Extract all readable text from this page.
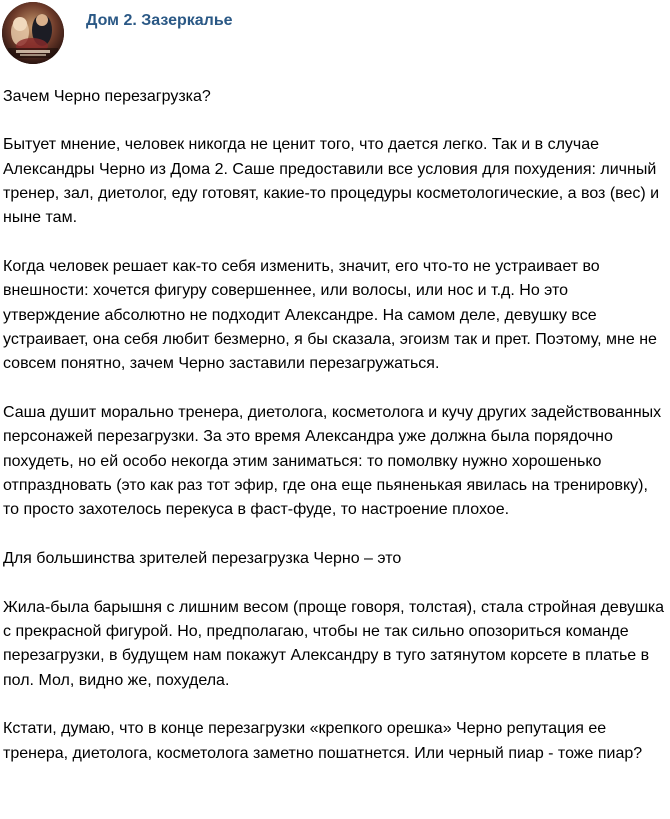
Дом 2. Зазеркалье

Зачем Черно перезагрузка?

Бытует мнение, человек никогда не ценит того, что дается легко. Так и в случае Александры Черно из Дома 2. Саше предоставили все условия для похудения: личный тренер, зал, диетолог, еду готовят, какие-то процедуры косметологические, а воз (вес) и ныне там.

Когда человек решает как-то себя изменить, значит, его что-то не устраивает во внешности: хочется фигуру совершеннее, или волосы, или нос и т.д. Но это утверждение абсолютно не подходит Александре. На самом деле, девушку все устраивает, она себя любит безмерно, я бы сказала, эгоизм так и прет. Поэтому, мне не совсем понятно, зачем Черно заставили перезагружаться.

Саша душит морально тренера, диетолога, косметолога и кучу других задействованных персонажей перезагрузки. За это время Александра уже должна была порядочно похудеть, но ей особо некогда этим заниматься: то помолвку нужно хорошенько отпраздновать (это как раз тот эфир, где она еще пьяненькая явилась на тренировку), то просто захотелось перекуса в фаст-фуде, то настроение плохое.

Для большинства зрителей перезагрузка Черно – это

Жила-была барышня с лишним весом (проще говоря, толстая), стала стройная девушка с прекрасной фигурой. Но, предполагаю, чтобы не так сильно опозориться команде перезагрузки, в будущем нам покажут Александру в туго затянутом корсете в платье в пол. Мол, видно же, похудела.

Кстати, думаю, что в конце перезагрузки «крепкого орешка» Черно репутация ее тренера, диетолога, косметолога заметно пошатнется. Или черный пиар - тоже пиар?
